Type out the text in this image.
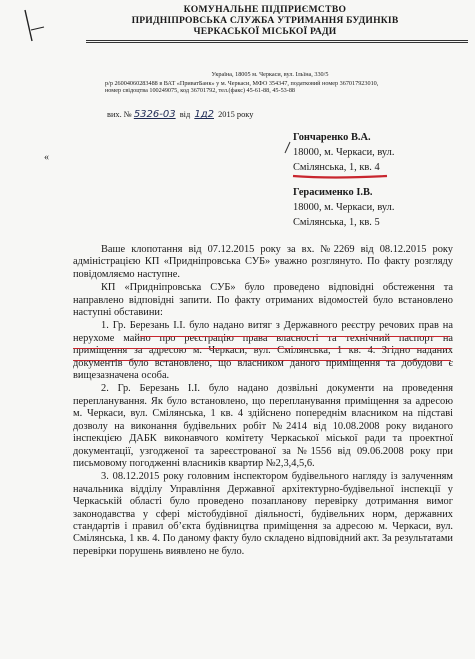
КОМУНАЛЬНЕ ПІДПРИЄМСТВО
ПРИДНІПРОВСЬКА СЛУЖБА УТРИМАННЯ БУДИНКІВ
ЧЕРКАСЬКОЇ МІСЬКОЇ РАДИ
Україна, 18005 м. Черкаси, вул. Ільїна, 330/5
р/р 26004060283488 в ВАТ «ПриватБанк» у м. Черкаси, МФО 354347, податковий номер 367017923010,
номер свідоцтва 100249075, код 36701792, тел.(факс) 45-61-88, 45-53-88
вих. № 5326-03 від 1д2 2015 року
«
Гончаренко В.А.
18000, м. Черкаси, вул.
Смілянська, 1, кв. 4
Герасименко І.В.
18000, м. Черкаси, вул.
Смілянська, 1, кв. 5

Ваше клопотання від 07.12.2015 року за вх. №2269 від 08.12.2015 року адміністрацією КП «Придніпровська СУБ» уважно розглянуто. По факту розгляду повідомляємо наступне.

КП «Придніпровська СУБ» було проведено відповідні обстеження та направлено відповідні запити. По факту отриманих відомостей було встановлено наступні обставини:

1. Гр. Березань І.І. було надано витяг з Державного реєстру речових прав на нерухоме майно про реєстрацію права власності та технічний паспорт на приміщення за адресою м. Черкаси, вул. Смілянська, 1 кв. 4. Згідно наданих документів було встановлено, що власником даного приміщення та добудови є вищезазначена особа.

2. Гр. Березань І.І. було надано дозвільні документи на проведення перепланування. Як було встановлено, що перепланування приміщення за адресою м. Черкаси, вул. Смілянська, 1 кв. 4 здійснено попереднім власником на підставі дозволу на виконання будівельних робіт №2414 від 10.08.2008 року виданого інспекцією ДАБК виконавчого комітету Черкаської міської ради та проектної документації, узгодженої та зареєстрованої за №1556 від 09.06.2008 року при письмовому погодженні власників квартир №2,3,4,5,6.

3. 08.12.2015 року головним інспектором будівельного нагляду із залученням начальника відділу Управління Державної архітектурно-будівельної інспекції у Черкаській області було проведено позапланову перевірку дотримання вимог законодавства у сфері містобудівної діяльності, будівельних норм, державних стандартів і правил об’єкта будівництва приміщення за адресою м. Черкаси, вул. Смілянська, 1 кв. 4. По даному факту було складено відповідний акт. За результатами перевірки порушень виявлено не було.
